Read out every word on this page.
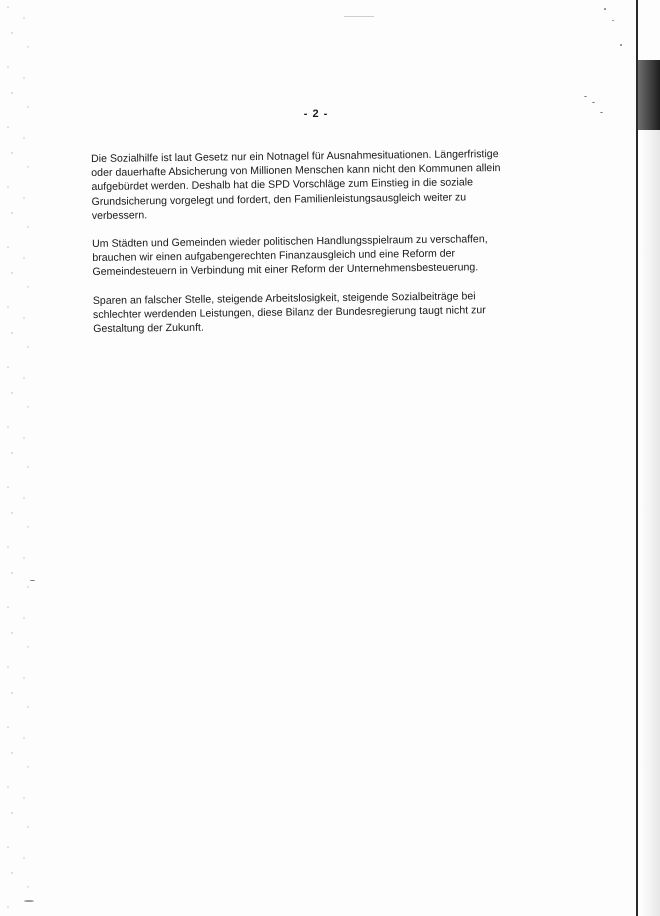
- 2 -

Die Sozialhilfe ist laut Gesetz nur ein Notnagel für Ausnahmesituationen. Längerfristige
oder dauerhafte Absicherung von Millionen Menschen kann nicht den Kommunen allein
aufgebürdet werden. Deshalb hat die SPD Vorschläge zum Einstieg in die soziale
Grundsicherung vorgelegt und fordert, den Familienleistungsausgleich weiter zu
verbessern.

Um Städten und Gemeinden wieder politischen Handlungsspielraum zu verschaffen,
brauchen wir einen aufgabengerechten Finanzausgleich und eine Reform der
Gemeindesteuern in Verbindung mit einer Reform der Unternehmensbesteuerung.

Sparen an falscher Stelle, steigende Arbeitslosigkeit, steigende Sozialbeiträge bei
schlechter werdenden Leistungen, diese Bilanz der Bundesregierung taugt nicht zur
Gestaltung der Zukunft.
